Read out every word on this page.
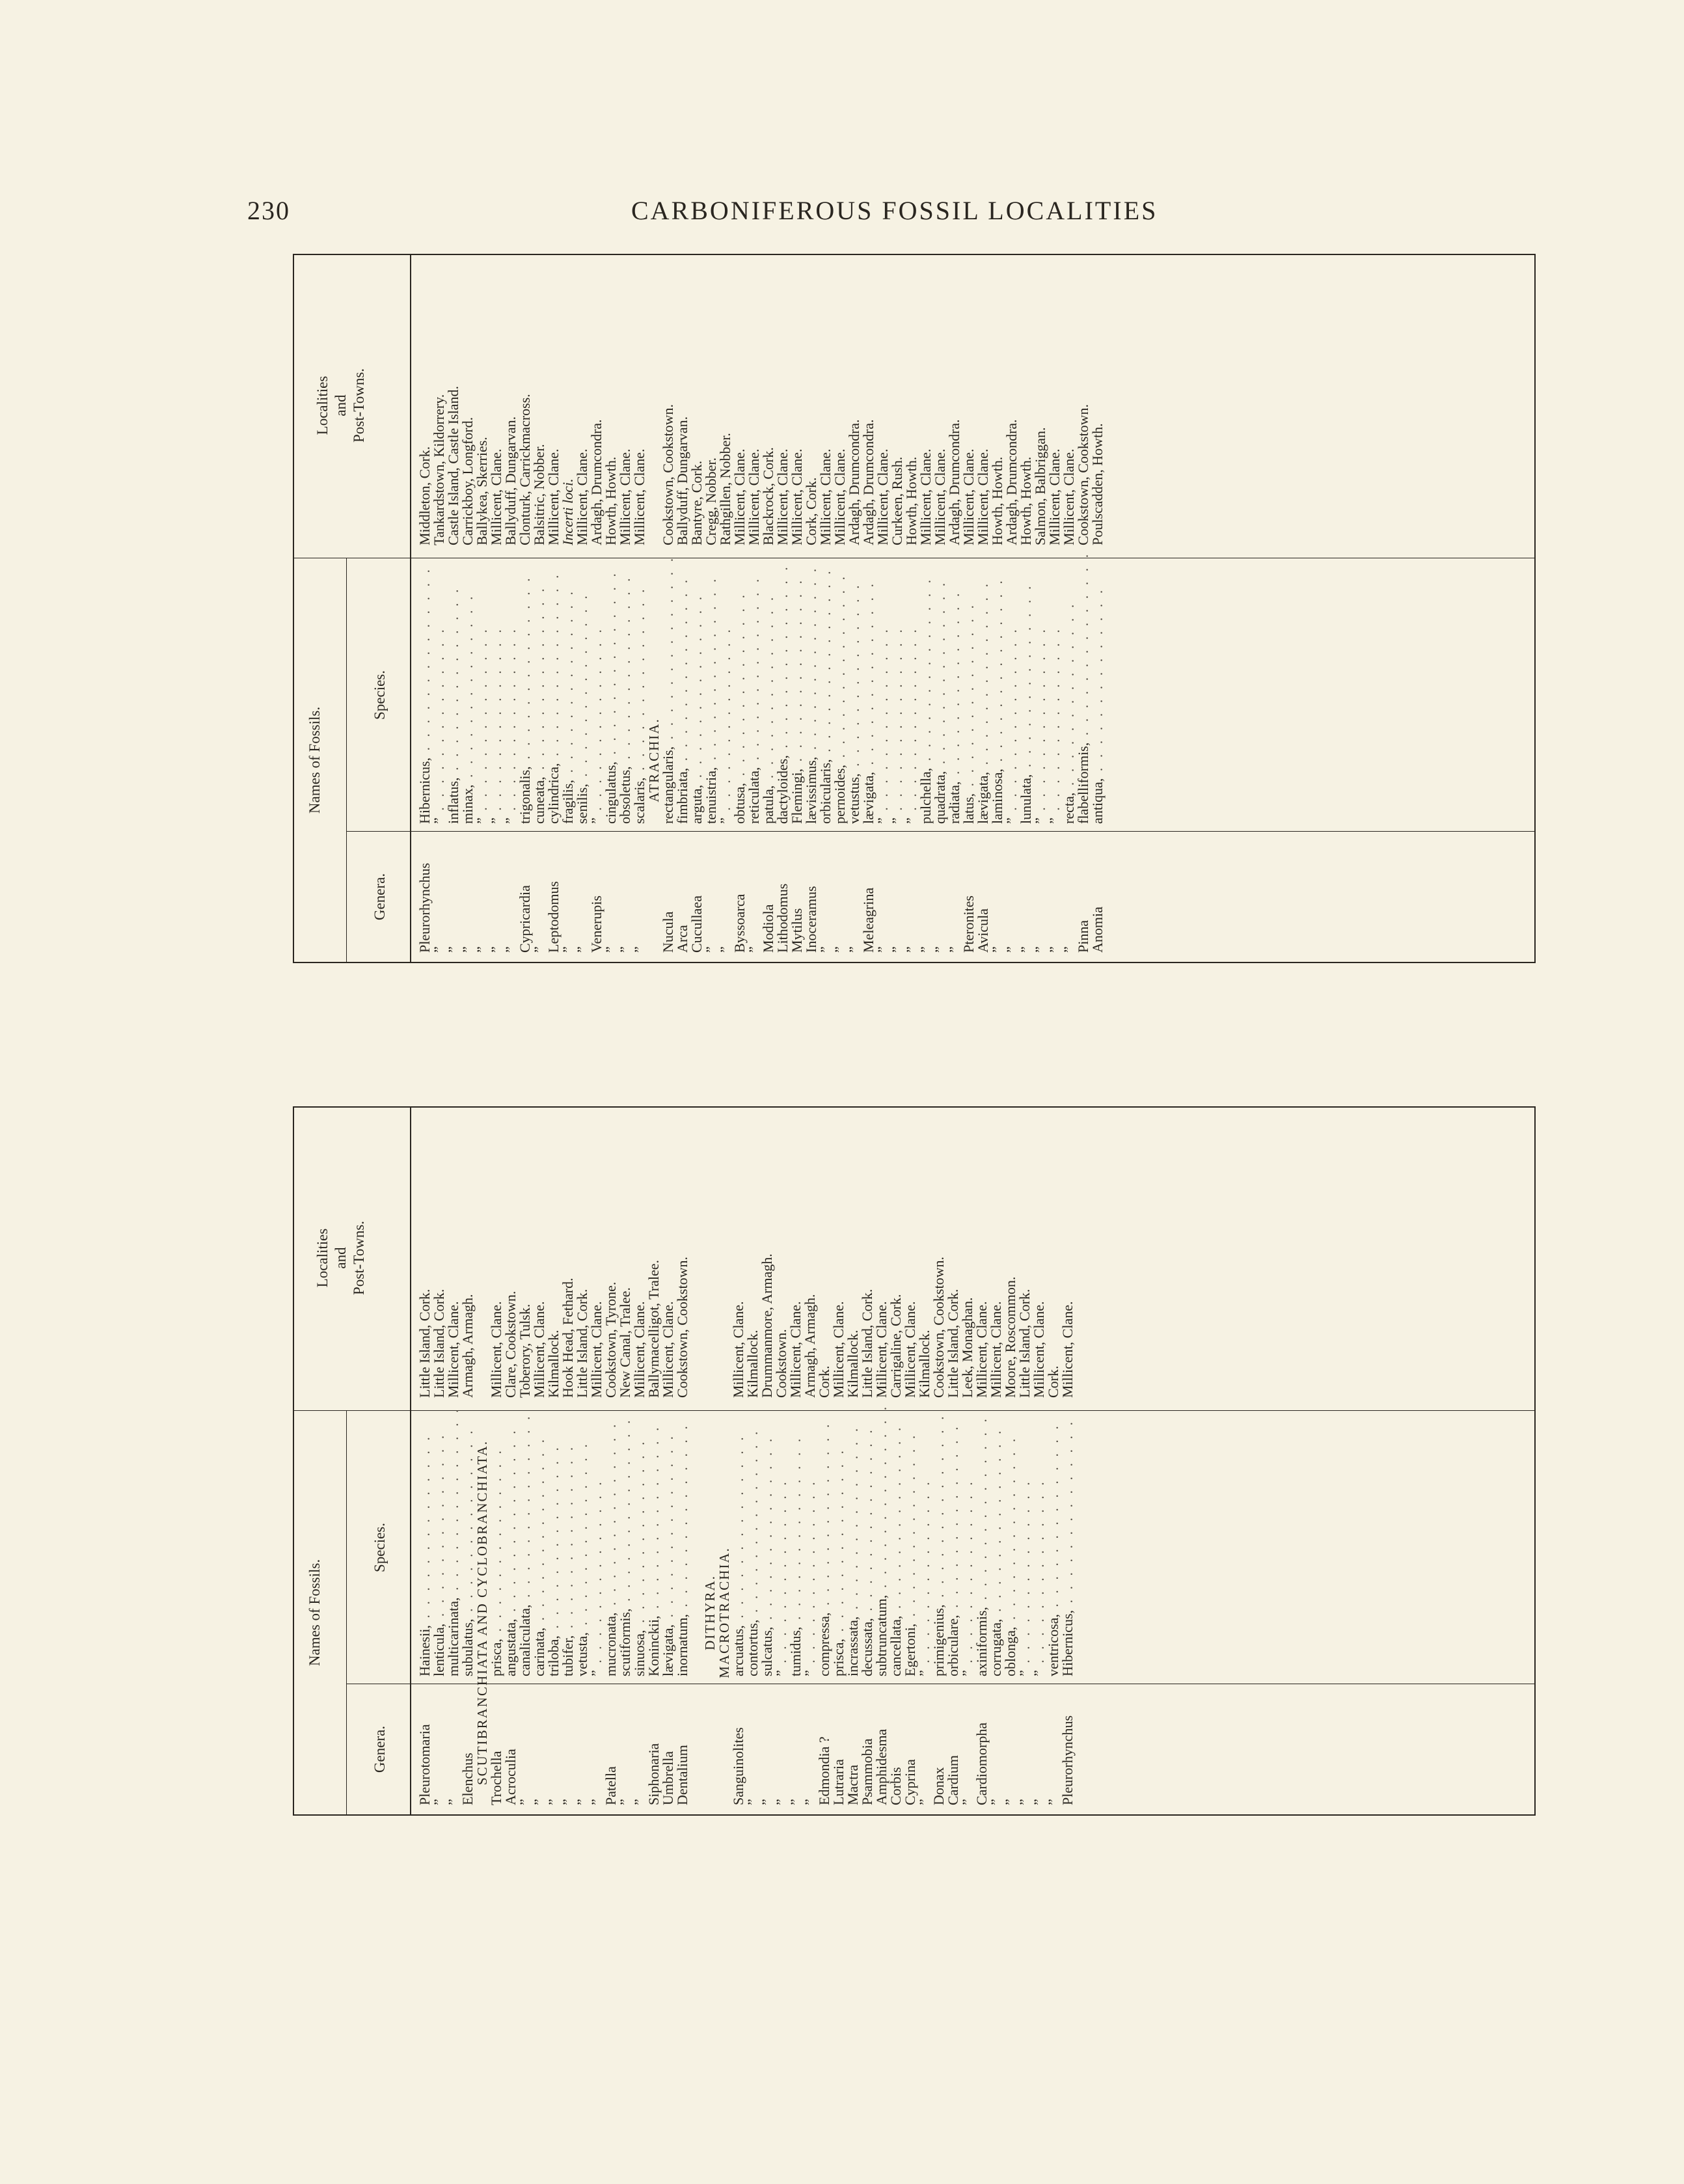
230	CARBONIFEROUS FOSSIL LOCALITIES
Names of Fossils.
Genera.
Species.
Localities and Post-Towns.
Pleurorhynchus
Hibernicus, . . . . . . . . . . . . . .
Middleton, Cork.
”
” . . . . . . . . . . . . . .
Tankardstown, Kildorrery.
”
inflatus, . . . . . . . . . . . . . .
Castle Island, Castle Island.
”
minax, . . . . . . . . . . . . . .
Carrickboy, Longford.
”
” . . . . . . . . . . . . . .
Ballykea, Skerries.
”
” . . . . . . . . . . . . . .
Millicent, Clane.
”
” . . . . . . . . . . . . . .
Ballyduff, Dungarvan.
Cypricardia
trigonalis, . . . . . . . . . . . . . .
Clonturk, Carrickmacross.
”
cuneata, . . . . . . . . . . . . . .
Balsitric, Nobber.
Leptodomus
cylindrica, . . . . . . . . . . . . . .
Millicent, Clane.
”
fragilis, . . . . . . . . . . . . . .
Incerti loci.
”
senilis, . . . . . . . . . . . . . .
Millicent, Clane.
Venerupis
” . . . . . . . . . . . . . .
Ardagh, Drumcondra.
”
cingulatus, . . . . . . . . . . . . . .
Howth, Howth.
”
obsoletus, . . . . . . . . . . . . . .
Millicent, Clane.
”
scalaris, . . . . . . . . . . . . . .
Millicent, Clane.
ATRACHIA.
Nucula
rectangularis, . . . . . . . . . . . . . .
Cookstown, Cookstown.
Arca
fimbriata, . . . . . . . . . . . . . .
Ballyduff, Dungarvan.
Cucullaea
arguta, . . . . . . . . . . . . . .
Bantyre, Cork.
”
tenuistria, . . . . . . . . . . . . . .
Cregg, Nobber.
”
” . . . . . . . . . . . . . .
Rathgillen, Nobber.
Byssoarca
obtusa, . . . . . . . . . . . . . .
Millicent, Clane.
”
reticulata, . . . . . . . . . . . . . .
Millicent, Clane.
Modiola
patula, . . . . . . . . . . . . . .
Blackrock, Cork.
Lithodomus
dactyloides, . . . . . . . . . . . . . .
Millicent, Clane.
Mytilus
Flemingi, . . . . . . . . . . . . . .
Millicent, Clane.
Inoceramus
lævissimus, . . . . . . . . . . . . . .
Cork, Cork.
”
orbicularis, . . . . . . . . . . . . . .
Millicent, Clane.
”
pernoides, . . . . . . . . . . . . . .
Millicent, Clane.
”
vetustus, . . . . . . . . . . . . . .
Ardagh, Drumcondra.
Meleagrina
lævigata, . . . . . . . . . . . . . .
Ardagh, Drumcondra.
”
” . . . . . . . . . . . . . .
Millicent, Clane.
”
” . . . . . . . . . . . . . .
Curkeen, Rush.
”
” . . . . . . . . . . . . . .
Howth, Howth.
”
pulchella, . . . . . . . . . . . . . .
Millicent, Clane.
”
quadrata, . . . . . . . . . . . . . .
Millicent, Clane.
”
radiata, . . . . . . . . . . . . . .
Ardagh, Drumcondra.
Pteronites
latus, . . . . . . . . . . . . . .
Millicent, Clane.
Avicula
lævigata, . . . . . . . . . . . . . .
Millicent, Clane.
”
laminosa, . . . . . . . . . . . . . .
Howth, Howth.
”
” . . . . . . . . . . . . . .
Ardagh, Drumcondra.
”
lunulata, . . . . . . . . . . . . . .
Howth, Howth.
”
” . . . . . . . . . . . . . .
Salmon, Balbriggan.
”
” . . . . . . . . . . . . . .
Millicent, Clane.
”
recta, . . . . . . . . . . . . . .
Millicent, Clane.
Pinna
flabelliformis, . . . . . . . . . . . . . .
Cookstown, Cookstown.
Anomia
antiqua, . . . . . . . . . . . . . .
Poulscadden, Howth.
Names of Fossils.
Genera.
Species.
Localities and Post-Towns.
Pleurotomaria
Hainesii, . . . . . . . . . . . . . .
Little Island, Cork.
”
lenticula, . . . . . . . . . . . . . .
Little Island, Cork.
”
multicarinata, . . . . . . . . . . . . . .
Millicent, Clane.
Elenchus
subulatus, . . . . . . . . . . . . . .
Armagh, Armagh.
SCUTIBRANCHIATA AND CYCLOBRANCHIATA.
Trochella
prisca, . . . . . . . . . . . . . .
Millicent, Clane.
Acroculia
angustata, . . . . . . . . . . . . . .
Clare, Cookstown.
”
canaliculata, . . . . . . . . . . . . . .
Toberory, Tulsk.
”
carinata, . . . . . . . . . . . . . .
Millicent, Clane.
”
triloba, . . . . . . . . . . . . . .
Kilmallock.
”
tubifer, . . . . . . . . . . . . . .
Hook Head, Fethard.
”
vetusta, . . . . . . . . . . . . . .
Little Island, Cork.
”
” . . . . . . . . . . . . . .
Millicent, Clane.
Patella
mucronata, . . . . . . . . . . . . . .
Cookstown, Tyrone.
”
scutiformis, . . . . . . . . . . . . . .
New Canal, Tralee.
”
sinuosa, . . . . . . . . . . . . . .
Millicent, Clane.
Siphonaria
Koninckii, . . . . . . . . . . . . . .
Ballymacelligot, Tralee.
Umbrella
lævigata, . . . . . . . . . . . . . .
Millicent, Clane.
Dentalium
inornatum, . . . . . . . . . . . . . .
Cookstown, Cookstown.
DITHYRA.
MACROTRACHIA.
Sanguinolites
arcuatus, . . . . . . . . . . . . . .
Millicent, Clane.
”
contortus, . . . . . . . . . . . . . .
Kilmallock.
”
sulcatus, . . . . . . . . . . . . . .
Drummanmore, Armagh.
”
” . . . . . . . . . . . . . .
Cookstown.
”
tumidus, . . . . . . . . . . . . . .
Millicent, Clane.
”
” . . . . . . . . . . . . . .
Armagh, Armagh.
Edmondia ?
compressa, . . . . . . . . . . . . . .
Cork.
Lutraria
prisca, . . . . . . . . . . . . . .
Millicent, Clane.
Mactra
incrassata, . . . . . . . . . . . . . .
Kilmallock.
Psammobia
decussata, . . . . . . . . . . . . . .
Little Island, Cork.
Amphidesma
subtruncatum, . . . . . . . . . . . . . .
Millicent, Clane.
Corbis
cancellata, . . . . . . . . . . . . . .
Carrigaline, Cork.
Cyprina
Egertoni, . . . . . . . . . . . . . .
Millicent, Clane.
”
” . . . . . . . . . . . . . .
Kilmallock.
Donax
primigenius, . . . . . . . . . . . . . .
Cookstown, Cookstown.
Cardium
orbiculare, . . . . . . . . . . . . . .
Little Island, Cork.
”
” . . . . . . . . . . . . . .
Leek, Monaghan.
Cardiomorpha
axiniformis, . . . . . . . . . . . . . .
Millicent, Clane.
”
corrugata, . . . . . . . . . . . . . .
Millicent, Clane.
”
oblonga, . . . . . . . . . . . . . .
Moore, Roscommon.
”
” . . . . . . . . . . . . . .
Little Island, Cork.
”
” . . . . . . . . . . . . . .
Millicent, Clane.
”
ventricosa, . . . . . . . . . . . . . .
Cork.
Pleurorhynchus
Hibernicus, . . . . . . . . . . . . . .
Millicent, Clane.
